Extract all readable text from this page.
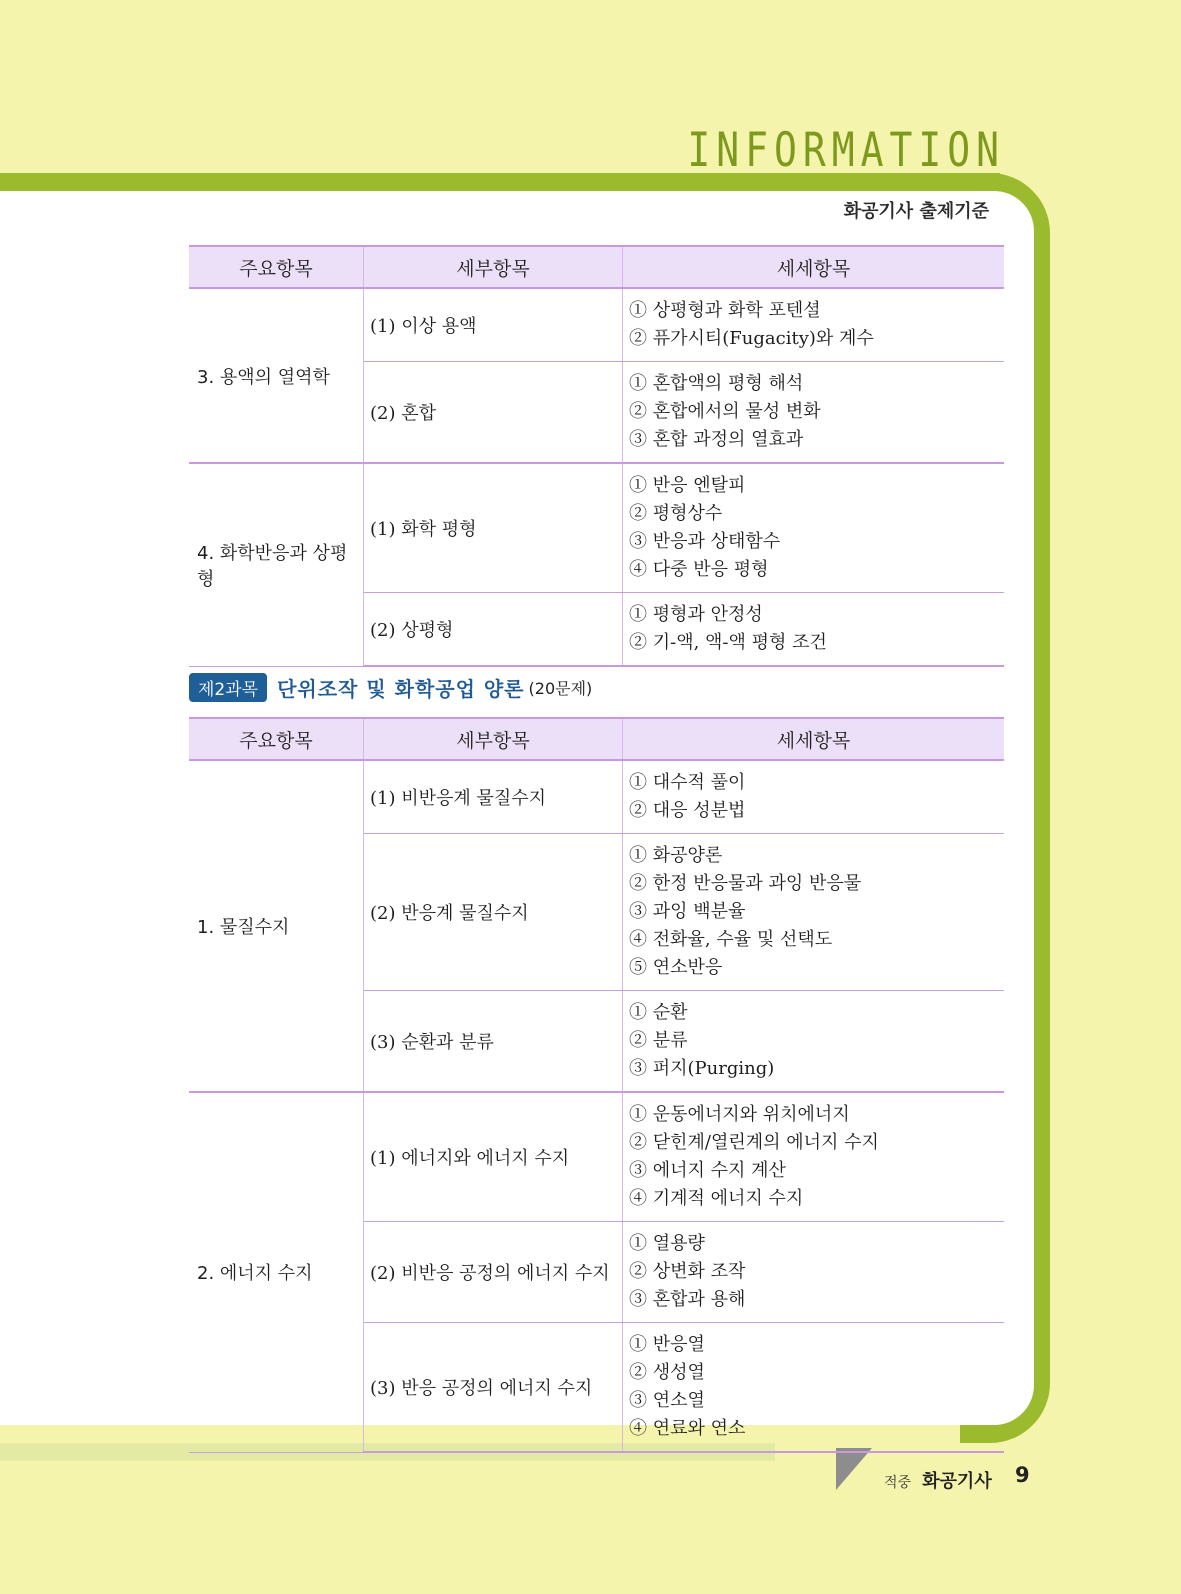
INFORMATION
화공기사 출제기준
주요항목	세부항목	세세항목
3. 용액의 열역학	(1) 이상 용액	① 상평형과 화학 포텐셜
② 퓨가시티(Fugacity)와 계수

	(2) 혼합	① 혼합액의 평형 해석
② 혼합에서의 물성 변화
③ 혼합 과정의 열효과

4. 화학반응과 상평형	(1) 화학 평형	① 반응 엔탈피
② 평형상수
③ 반응과 상태함수
④ 다중 반응 평형

	(2) 상평형	① 평형과 안정성
② 기-액, 액-액 평형 조건
제2과목 단위조작 및 화학공업 양론 (20문제)
주요항목	세부항목	세세항목
1. 물질수지	(1) 비반응계 물질수지	① 대수적 풀이
② 대응 성분법

	(2) 반응계 물질수지	① 화공양론
② 한정 반응물과 과잉 반응물
③ 과잉 백분율
④ 전화율, 수율 및 선택도
⑤ 연소반응

	(3) 순환과 분류	① 순환
② 분류
③ 퍼지(Purging)

2. 에너지 수지	(1) 에너지와 에너지 수지	① 운동에너지와 위치에너지
② 닫힌계/열린계의 에너지 수지
③ 에너지 수지 계산
④ 기계적 에너지 수지

	(2) 비반응 공정의 에너지 수지	① 열용량
② 상변화 조작
③ 혼합과 용해

	(3) 반응 공정의 에너지 수지	① 반응열
② 생성열
③ 연소열
④ 연료와 연소
적중 화공기사 9
